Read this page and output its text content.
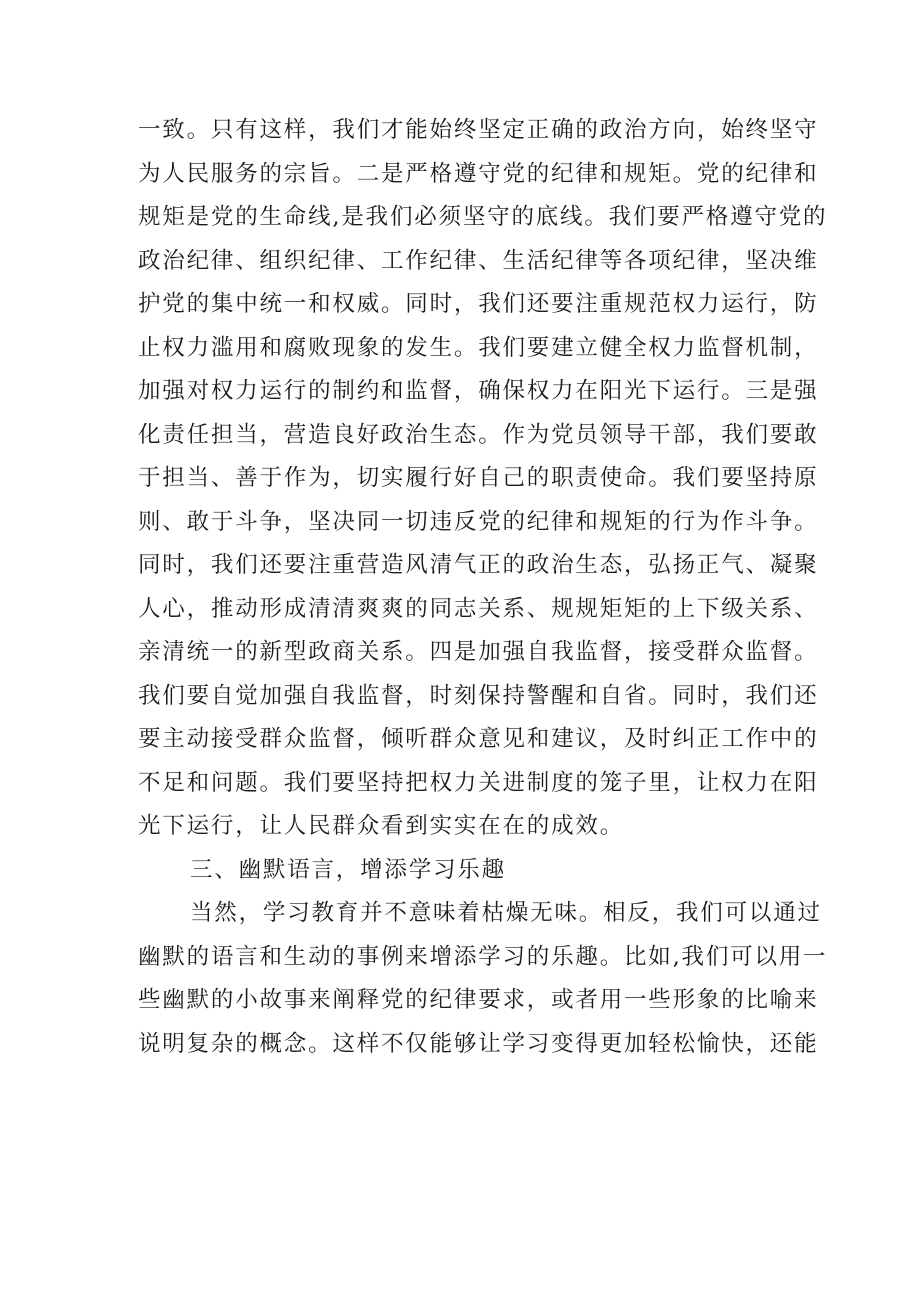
一致。只有这样，我们才能始终坚定正确的政治方向，始终坚守
为人民服务的宗旨。二是严格遵守党的纪律和规矩。党的纪律和
规矩是党的生命线,是我们必须坚守的底线。我们要严格遵守党的
政治纪律、组织纪律、工作纪律、生活纪律等各项纪律，坚决维
护党的集中统一和权威。同时，我们还要注重规范权力运行，防
止权力滥用和腐败现象的发生。我们要建立健全权力监督机制，
加强对权力运行的制约和监督，确保权力在阳光下运行。三是强
化责任担当，营造良好政治生态。作为党员领导干部，我们要敢
于担当、善于作为，切实履行好自己的职责使命。我们要坚持原
则、敢于斗争，坚决同一切违反党的纪律和规矩的行为作斗争。
同时，我们还要注重营造风清气正的政治生态，弘扬正气、凝聚
人心，推动形成清清爽爽的同志关系、规规矩矩的上下级关系、
亲清统一的新型政商关系。四是加强自我监督，接受群众监督。
我们要自觉加强自我监督，时刻保持警醒和自省。同时，我们还
要主动接受群众监督，倾听群众意见和建议，及时纠正工作中的
不足和问题。我们要坚持把权力关进制度的笼子里，让权力在阳
光下运行，让人民群众看到实实在在的成效。
三、幽默语言，增添学习乐趣
当然，学习教育并不意味着枯燥无味。相反，我们可以通过
幽默的语言和生动的事例来增添学习的乐趣。比如,我们可以用一
些幽默的小故事来阐释党的纪律要求，或者用一些形象的比喻来
说明复杂的概念。这样不仅能够让学习变得更加轻松愉快，还能
